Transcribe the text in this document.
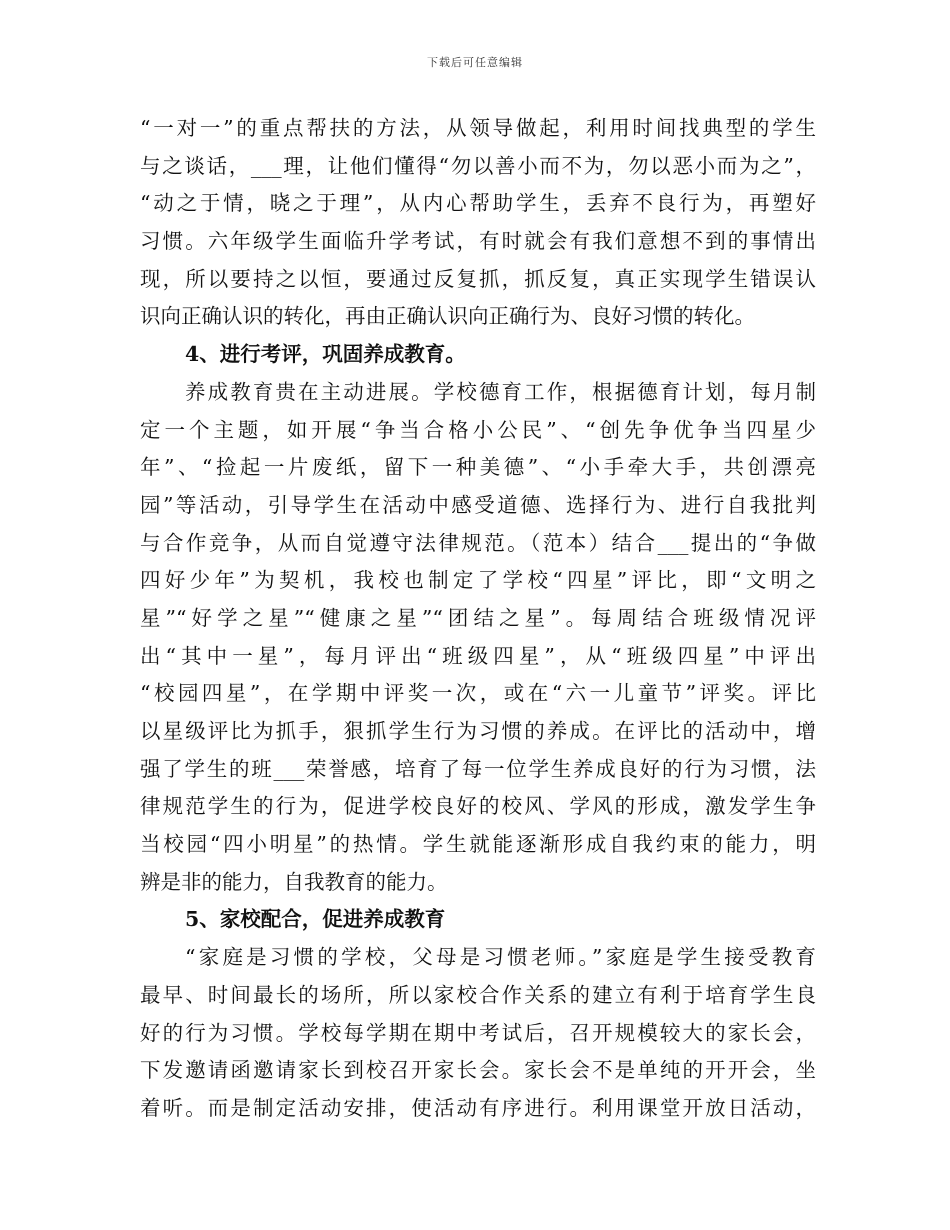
下载后可任意编辑
“一对一”的重点帮扶的方法，从领导做起，利用时间找典型的学生
与之谈话，___理，让他们懂得“勿以善小而不为，勿以恶小而为之”，
“动之于情，晓之于理”，从内心帮助学生，丢弃不良行为，再塑好
习惯。六年级学生面临升学考试，有时就会有我们意想不到的事情出
现，所以要持之以恒，要通过反复抓，抓反复，真正实现学生错误认
识向正确认识的转化，再由正确认识向正确行为、良好习惯的转化。
4、进行考评，巩固养成教育。
养成教育贵在主动进展。学校德育工作，根据德育计划，每月制
定一个主题，如开展“争当合格小公民”、“创先争优争当四星少
年”、“捡起一片废纸，留下一种美德”、“小手牵大手，共创漂亮
园”等活动，引导学生在活动中感受道德、选择行为、进行自我批判
与合作竞争，从而自觉遵守法律规范。（范本）结合___提出的“争做
四好少年”为契机，我校也制定了学校“四星”评比，即“文明之
星”“好学之星”“健康之星”“团结之星”。每周结合班级情况评
出“其中一星”，每月评出“班级四星”，从“班级四星”中评出
“校园四星”，在学期中评奖一次，或在“六一儿童节”评奖。评比
以星级评比为抓手，狠抓学生行为习惯的养成。在评比的活动中，增
强了学生的班___荣誉感，培育了每一位学生养成良好的行为习惯，法
律规范学生的行为，促进学校良好的校风、学风的形成，激发学生争
当校园“四小明星”的热情。学生就能逐渐形成自我约束的能力，明
辨是非的能力，自我教育的能力。
5、家校配合，促进养成教育
“家庭是习惯的学校，父母是习惯老师。”家庭是学生接受教育
最早、时间最长的场所，所以家校合作关系的建立有利于培育学生良
好的行为习惯。学校每学期在期中考试后，召开规模较大的家长会，
下发邀请函邀请家长到校召开家长会。家长会不是单纯的开开会，坐
着听。而是制定活动安排，使活动有序进行。利用课堂开放日活动，
